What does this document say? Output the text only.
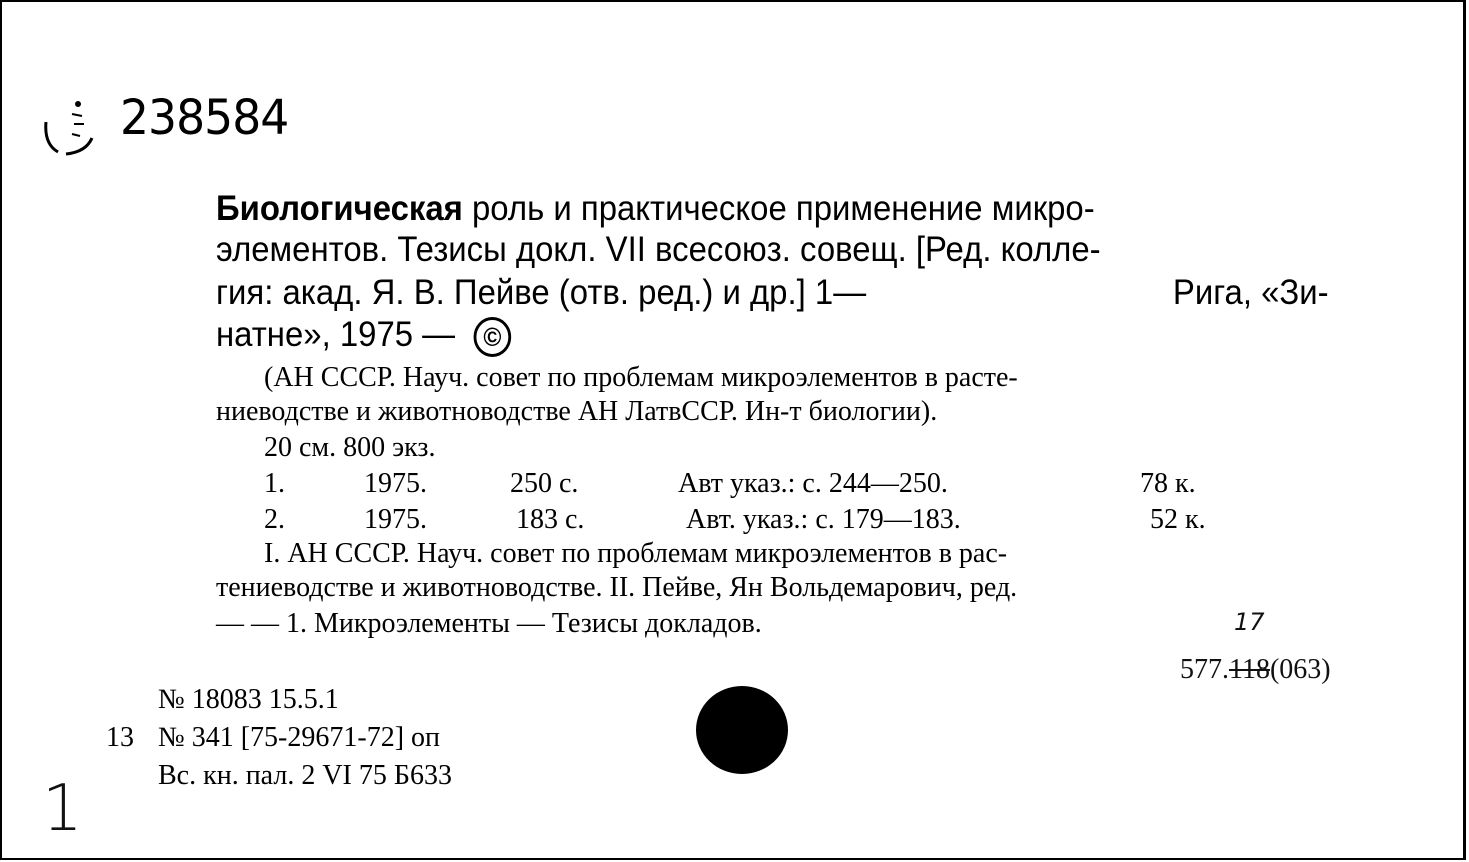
238584
Биологическая роль и практическое применение микро-
элементов. Тезисы докл. VII всесоюз. совещ. [Ред. колле-
гия: акад. Я. В. Пейве (отв. ред.) и др.] 1—	Рига, «Зи-
натне», 1975 — ©
(АН СССР. Науч. совет по проблемам микроэлементов в расте-
ниеводстве и животноводстве АН ЛатвССР. Ин-т биологии).
20 см. 800 экз.
1.	1975.	250 с.	Авт указ.: с. 244—250.	78 к.
2.	1975.	183 с.	Авт. указ.: с. 179—183.	52 к.
I. АН СССР. Науч. совет по проблемам микроэлементов в рас-
тениеводстве и животноводстве. II. Пейве, Ян Вольдемарович, ред.
— — 1. Микроэлементы — Тезисы докладов.	17
577.118(063)
№ 18083 15.5.1
13 № 341 [75-29671-72] оп
Вс. кн. пал. 2 VI 75 Б633
1
